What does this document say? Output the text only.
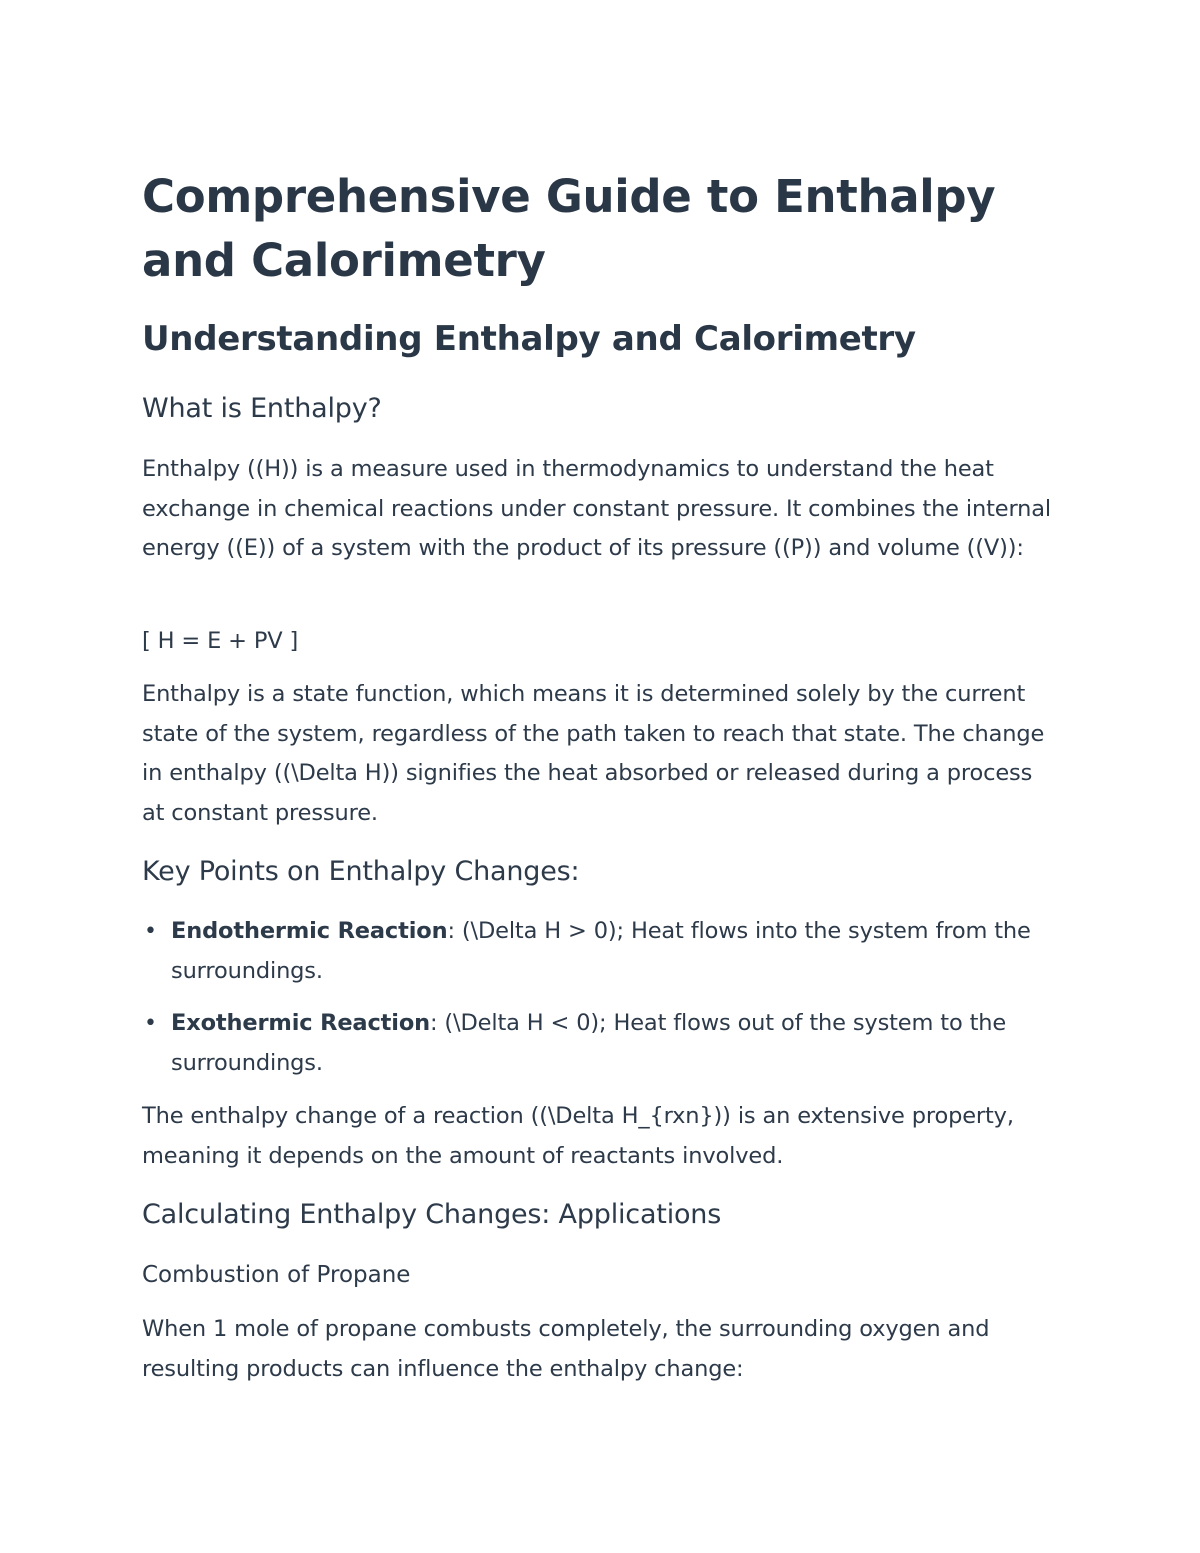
Comprehensive Guide to Enthalpy and Calorimetry
Understanding Enthalpy and Calorimetry
What is Enthalpy?

Enthalpy ((H)) is a measure used in thermodynamics to understand the heat exchange in chemical reactions under constant pressure. It combines the internal energy ((E)) of a system with the product of its pressure ((P)) and volume ((V)):

[ H = E + PV ]

Enthalpy is a state function, which means it is determined solely by the current state of the system, regardless of the path taken to reach that state. The change in enthalpy ((\Delta H)) signifies the heat absorbed or released during a process at constant pressure.

Key Points on Enthalpy Changes:
• Endothermic Reaction: (\Delta H > 0); Heat flows into the system from the surroundings.
• Exothermic Reaction: (\Delta H < 0); Heat flows out of the system to the surroundings.

The enthalpy change of a reaction ((\Delta H_{rxn})) is an extensive property, meaning it depends on the amount of reactants involved.

Calculating Enthalpy Changes: Applications
Combustion of Propane

When 1 mole of propane combusts completely, the surrounding oxygen and resulting products can influence the enthalpy change:
